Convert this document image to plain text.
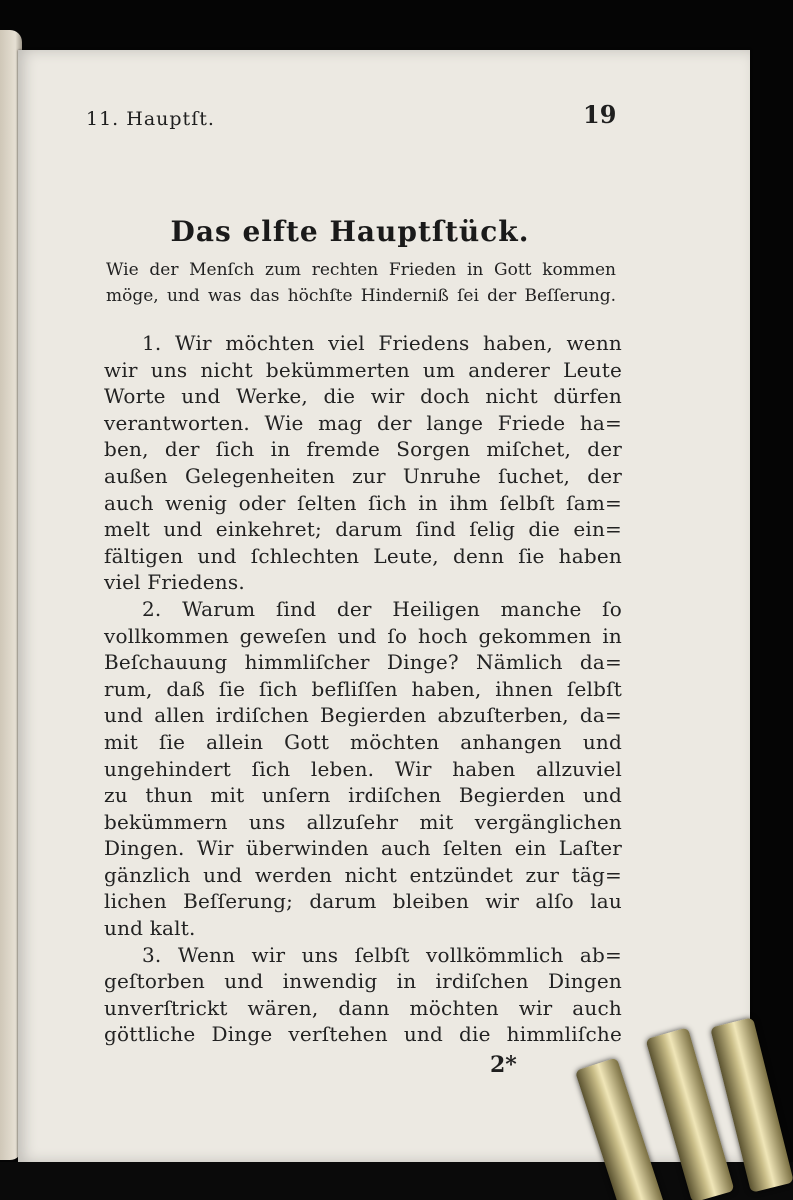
11. Hauptſt.	19
Das elfte Hauptſtück.
Wie der Menſch zum rechten Frieden in Gott kommen
möge, und was das höchſte Hinderniß ſei der Beſſerung.
1. Wir möchten viel Friedens haben, wenn
wir uns nicht bekümmerten um anderer Leute
Worte und Werke, die wir doch nicht dürfen
verantworten. Wie mag der lange Friede ha=
ben, der ſich in fremde Sorgen miſchet, der
außen Gelegenheiten zur Unruhe ſuchet, der
auch wenig oder ſelten ſich in ihm ſelbſt ſam=
melt und einkehret; darum ſind ſelig die ein=
fältigen und ſchlechten Leute, denn ſie haben
viel Friedens.
2. Warum ſind der Heiligen manche ſo
vollkommen geweſen und ſo hoch gekommen in
Beſchauung himmliſcher Dinge? Nämlich da=
rum, daß ſie ſich befliſſen haben, ihnen ſelbſt
und allen irdiſchen Begierden abzuſterben, da=
mit ſie allein Gott möchten anhangen und
ungehindert ſich leben. Wir haben allzuviel
zu thun mit unſern irdiſchen Begierden und
bekümmern uns allzuſehr mit vergänglichen
Dingen. Wir überwinden auch ſelten ein Laſter
gänzlich und werden nicht entzündet zur täg=
lichen Beſſerung; darum bleiben wir alſo lau
und kalt.
3. Wenn wir uns ſelbſt vollkömmlich ab=
geſtorben und inwendig in irdiſchen Dingen
unverſtrickt wären, dann möchten wir auch
göttliche Dinge verſtehen und die himmliſche
2*
